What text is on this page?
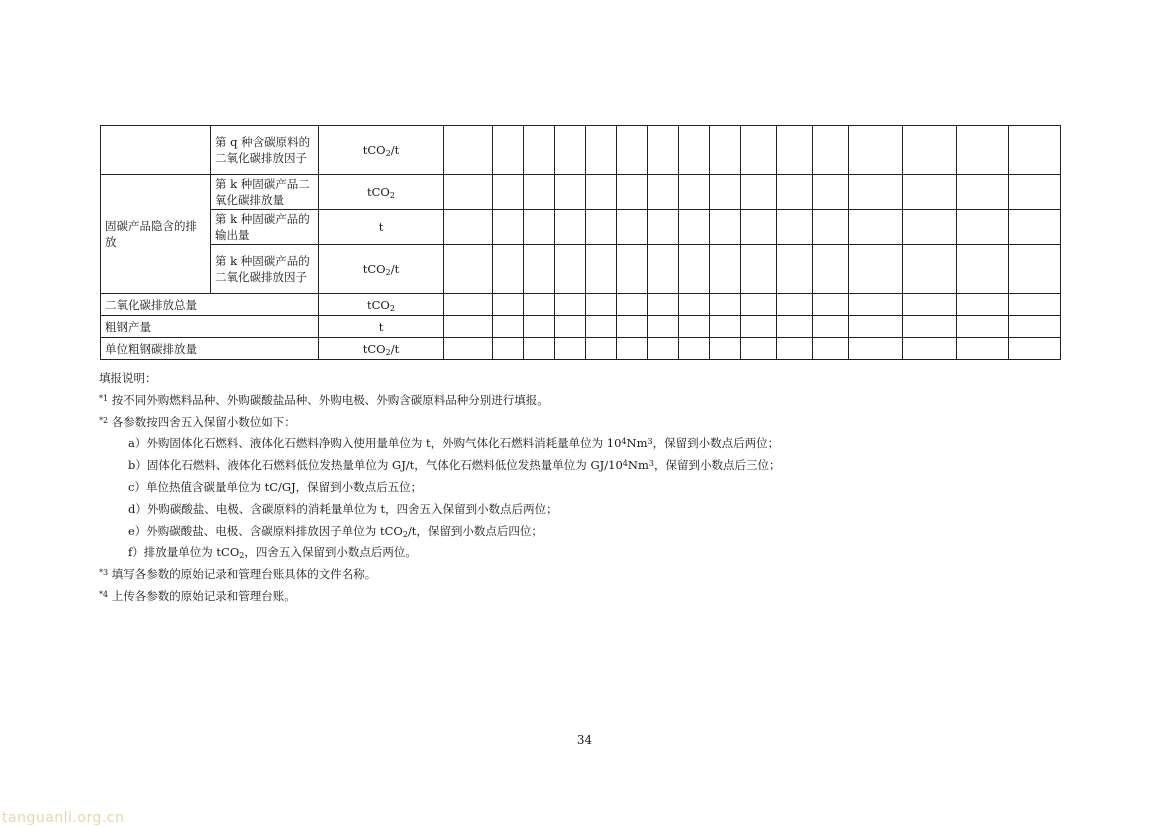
	第 q 种含碳原料的二氧化碳排放因子	tCO$_2$/t																
固碳产品隐含的排放	第 k 种固碳产品二氧化碳排放量	tCO$_2$																
	第 k 种固碳产品的输出量	t																
	第 k 种固碳产品的二氧化碳排放因子	tCO$_2$/t																
二氧化碳排放总量		tCO$_2$																
粗钢产量		t																
单位粗钢碳排放量		tCO$_2$/t																
填报说明：
$^{*1}$ 按不同外购燃料品种、外购碳酸盐品种、外购电极、外购含碳原料品种分别进行填报。
$^{*2}$ 各参数按四舍五入保留小数位如下：
a）外购固体化石燃料、液体化石燃料净购入使用量单位为 t，外购气体化石燃料消耗量单位为 $10^4Nm^3$，保留到小数点后两位；
b）固体化石燃料、液体化石燃料低位发热量单位为 GJ/t，气体化石燃料低位发热量单位为 $GJ/10^4Nm^3$，保留到小数点后三位；
c）单位热值含碳量单位为 tC/GJ，保留到小数点后五位；
d）外购碳酸盐、电极、含碳原料的消耗量单位为 t，四舍五入保留到小数点后两位；
e）外购碳酸盐、电极、含碳原料排放因子单位为 tCO$_2$/t，保留到小数点后四位；
f）排放量单位为 tCO$_2$，四舍五入保留到小数点后两位。
$^{*3}$ 填写各参数的原始记录和管理台账具体的文件名称。
$^{*4}$ 上传各参数的原始记录和管理台账。
34
tanguanli.org.cn
